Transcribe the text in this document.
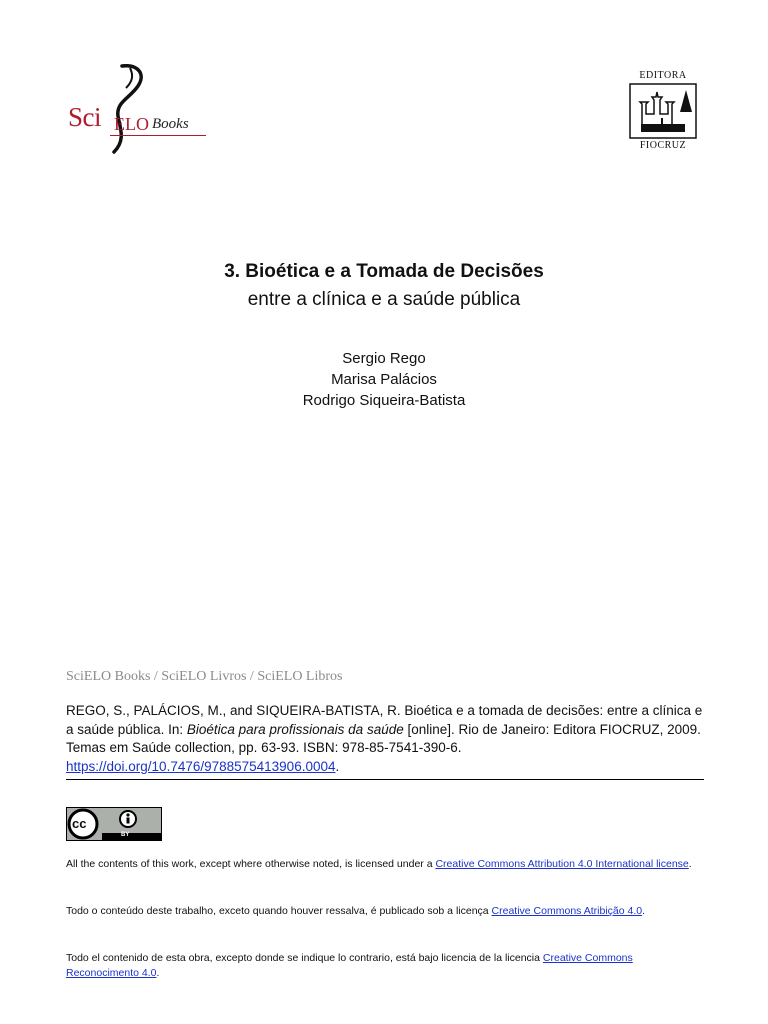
Sci ELO Books
EDITORA
FIOCRUZ
3. Bioética e a Tomada de Decisões
entre a clínica e a saúde pública
Sergio Rego
Marisa Palácios
Rodrigo Siqueira-Batista
SciELO Books / SciELO Livros / SciELO Libros
REGO, S., PALÁCIOS, M., and SIQUEIRA-BATISTA, R. Bioética e a tomada de decisões: entre a clínica e a saúde pública. In: Bioética para profissionais da saúde [online]. Rio de Janeiro: Editora FIOCRUZ, 2009. Temas em Saúde collection, pp. 63-93. ISBN: 978-85-7541-390-6. https://doi.org/10.7476/9788575413906.0004.
cc
BY
All the contents of this work, except where otherwise noted, is licensed under a Creative Commons Attribution 4.0 International license.
Todo o conteúdo deste trabalho, exceto quando houver ressalva, é publicado sob a licença Creative Commons Atribição 4.0.
Todo el contenido de esta obra, excepto donde se indique lo contrario, está bajo licencia de la licencia Creative Commons Reconocimento 4.0.
